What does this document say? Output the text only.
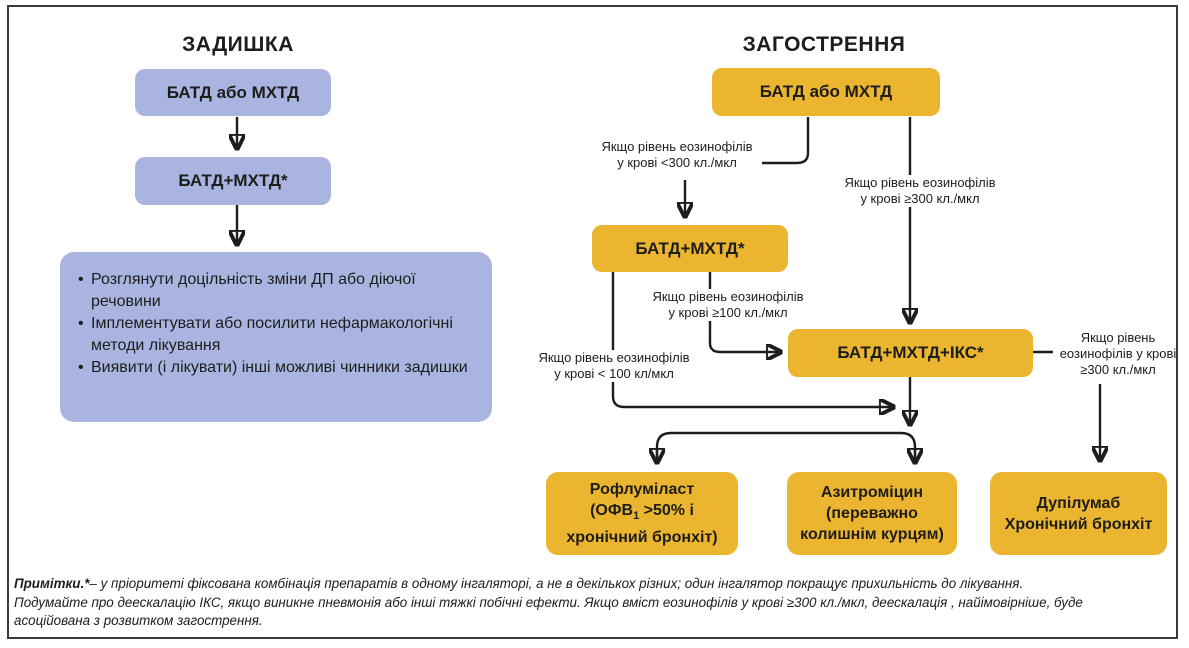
ЗАДИШКА
БАТД або МХТД
БАТД+МХТД*
• Розглянути доцільність зміни ДП або діючої речовини
• Імплементувати або посилити нефармакологічні методи лікування
• Виявити (і лікувати) інші можливі чинники задишки
ЗАГОСТРЕННЯ
БАТД або МХТД
Якщо рівень еозинофілів
у крові <300 кл./мкл
Якщо рівень еозинофілів
у крові ≥300 кл./мкл
БАТД+МХТД*
Якщо рівень еозинофілів
у крові ≥100 кл./мкл
Якщо рівень еозинофілів
у крові < 100 кл/мкл
БАТД+МХТД+ІКС*
Якщо рівень
еозинофілів у крові
≥300 кл./мкл
Рофлуміласт
($ОФВ_1 >50\%$ і
хронічний бронхіт)
Азитроміцин
(переважно
колишнім курцям)
Дупілумаб
Хронічний бронхіт
Примітки.*– у пріоритеті фіксована комбінація препаратів в одному інгаляторі, а не в декількох різних; один інгалятор покращує прихильність до лікування.
Подумайте про деескалацію ІКС, якщо виникне пневмонія або інші тяжкі побічні ефекти. Якщо вміст еозинофілів у крові ≥300 кл./мкл, деескалація , найімовірніше, буде
асоційована з розвитком загострення.
